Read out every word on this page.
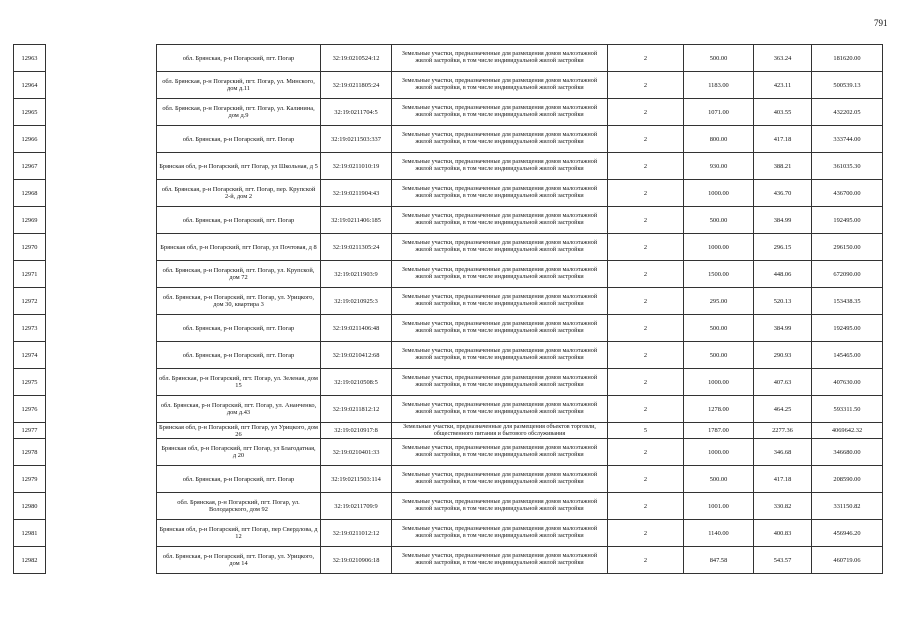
791
12963		обл. Брянская, р-н Погарский, пгт. Погар	32:19:0210524:12	Земельные участки, предназначенные для размещения домов малоэтажной жилой застройки, в том числе индивидуальной жилой застройки	2	500.00	363.24	181620.00
12964		обл. Брянская, р-н Погарский, пгт. Погар, ул. Минского, дом д.11	32:19:0211805:24	Земельные участки, предназначенные для размещения домов малоэтажной жилой застройки, в том числе индивидуальной жилой застройки	2	1183.00	423.11	500539.13
12965		обл. Брянская, р-н Погарский, пгт. Погар, ул. Калинина, дом д.9	32:19:0211704:5	Земельные участки, предназначенные для размещения домов малоэтажной жилой застройки, в том числе индивидуальной жилой застройки	2	1071.00	403.55	432202.05
12966		обл. Брянская, р-н Погарский, пгт. Погар	32:19:0211503:337	Земельные участки, предназначенные для размещения домов малоэтажной жилой застройки, в том числе индивидуальной жилой застройки	2	800.00	417.18	333744.00
12967		Брянская обл, р-н Погарский, пгт Погар, ул Школьная, д 5	32:19:0211010:19	Земельные участки, предназначенные для размещения домов малоэтажной жилой застройки, в том числе индивидуальной жилой застройки	2	930.00	388.21	361035.30
12968		обл. Брянская, р-н Погарский, пгт. Погар, пер. Крупской 2-й, дом 2	32:19:0211904:43	Земельные участки, предназначенные для размещения домов малоэтажной жилой застройки, в том числе индивидуальной жилой застройки	2	1000.00	436.70	436700.00
12969		обл. Брянская, р-н Погарский, пгт. Погар	32:19:0211406:185	Земельные участки, предназначенные для размещения домов малоэтажной жилой застройки, в том числе индивидуальной жилой застройки	2	500.00	384.99	192495.00
12970		Брянская обл, р-н Погарский, пгт Погар, ул Почтовая, д 8	32:19:0211305:24	Земельные участки, предназначенные для размещения домов малоэтажной жилой застройки, в том числе индивидуальной жилой застройки	2	1000.00	296.15	296150.00
12971		обл. Брянская, р-н Погарский, пгт. Погар, ул. Крупской, дом 72	32:19:0211903:9	Земельные участки, предназначенные для размещения домов малоэтажной жилой застройки, в том числе индивидуальной жилой застройки	2	1500.00	448.06	672090.00
12972		обл. Брянская, р-н Погарский, пгт. Погар, ул. Урицкого, дом 30, квартира 3	32:19:0210925:3	Земельные участки, предназначенные для размещения домов малоэтажной жилой застройки, в том числе индивидуальной жилой застройки	2	295.00	520.13	153438.35
12973		обл. Брянская, р-н Погарский, пгт. Погар	32:19:0211406:48	Земельные участки, предназначенные для размещения домов малоэтажной жилой застройки, в том числе индивидуальной жилой застройки	2	500.00	384.99	192495.00
12974		обл. Брянская, р-н Погарский, пгт. Погар	32:19:0210412:68	Земельные участки, предназначенные для размещения домов малоэтажной жилой застройки, в том числе индивидуальной жилой застройки	2	500.00	290.93	145465.00
12975		обл. Брянская, р-н Погарский, пгт. Погар, ул. Зеленая, дом 15	32:19:0210508:5	Земельные участки, предназначенные для размещения домов малоэтажной жилой застройки, в том числе индивидуальной жилой застройки	2	1000.00	407.63	407630.00
12976		обл. Брянская, р-н Погарский, пгт. Погар, ул. Ананченко, дом д.43	32:19:0211812:12	Земельные участки, предназначенные для размещения домов малоэтажной жилой застройки, в том числе индивидуальной жилой застройки	2	1278.00	464.25	593311.50
12977		Брянская обл, р-н Погарский, пгт Погар, ул Урицкого, дом 26	32:19:0210917:8	Земельные участки, предназначенные для размещения объектов торговли, общественного питания и бытового обслуживания	5	1787.00	2277.36	4069642.32
12978		Брянская обл, р-н Погарский, пгт Погар, ул Благодатная, д 20	32:19:0210401:33	Земельные участки, предназначенные для размещения домов малоэтажной жилой застройки, в том числе индивидуальной жилой застройки	2	1000.00	346.68	346680.00
12979		обл. Брянская, р-н Погарский, пгт. Погар	32:19:0211503:114	Земельные участки, предназначенные для размещения домов малоэтажной жилой застройки, в том числе индивидуальной жилой застройки	2	500.00	417.18	208590.00
12980		обл. Брянская, р-н Погарский, пгт. Погар, ул. Володарского, дом 92	32:19:0211709:9	Земельные участки, предназначенные для размещения домов малоэтажной жилой застройки, в том числе индивидуальной жилой застройки	2	1001.00	330.82	331150.82
12981		Брянская обл, р-н Погарский, пгт Погар, пер Свердлова, д 12	32:19:0211012:12	Земельные участки, предназначенные для размещения домов малоэтажной жилой застройки, в том числе индивидуальной жилой застройки	2	1140.00	400.83	456946.20
12982		обл. Брянская, р-н Погарский, пгт. Погар, ул. Урицкого, дом 14	32:19:0210906:18	Земельные участки, предназначенные для размещения домов малоэтажной жилой застройки, в том числе индивидуальной жилой застройки	2	847.58	543.57	460719.06
